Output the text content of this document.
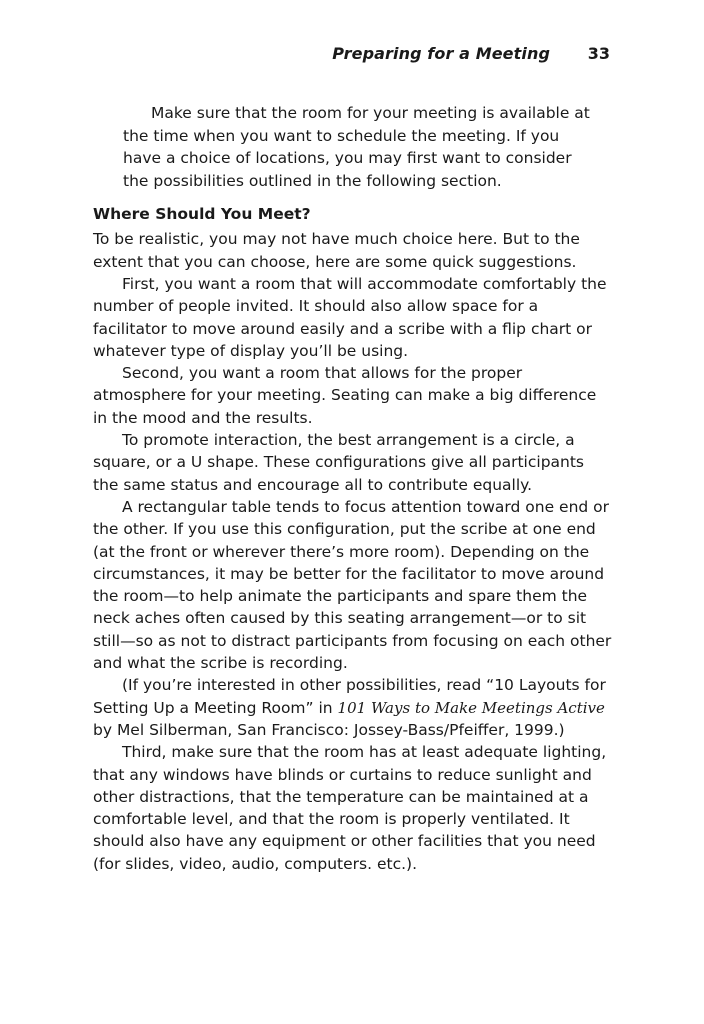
Preparing for a Meeting 33

Make sure that the room for your meeting is available at the time when you want to schedule the meeting. If you have a choice of locations, you may first want to consider the possibilities outlined in the following section.

Where Should You Meet?

To be realistic, you may not have much choice here. But to the extent that you can choose, here are some quick suggestions.

First, you want a room that will accommodate comfortably the number of people invited. It should also allow space for a facilitator to move around easily and a scribe with a flip chart or whatever type of display you’ll be using.

Second, you want a room that allows for the proper atmosphere for your meeting. Seating can make a big difference in the mood and the results.

To promote interaction, the best arrangement is a circle, a square, or a U shape. These configurations give all participants the same status and encourage all to contribute equally.

A rectangular table tends to focus attention toward one end or the other. If you use this configuration, put the scribe at one end (at the front or wherever there’s more room). Depending on the circumstances, it may be better for the facilitator to move around the room—to help animate the participants and spare them the neck aches often caused by this seating arrangement—or to sit still—so as not to distract participants from focusing on each other and what the scribe is recording.

(If you’re interested in other possibilities, read “10 Layouts for Setting Up a Meeting Room” in 101 Ways to Make Meetings Active by Mel Silberman, San Francisco: Jossey-Bass/Pfeiffer, 1999.)

Third, make sure that the room has at least adequate lighting, that any windows have blinds or curtains to reduce sunlight and other distractions, that the temperature can be maintained at a comfortable level, and that the room is properly ventilated. It should also have any equipment or other facilities that you need (for slides, video, audio, computers. etc.).
